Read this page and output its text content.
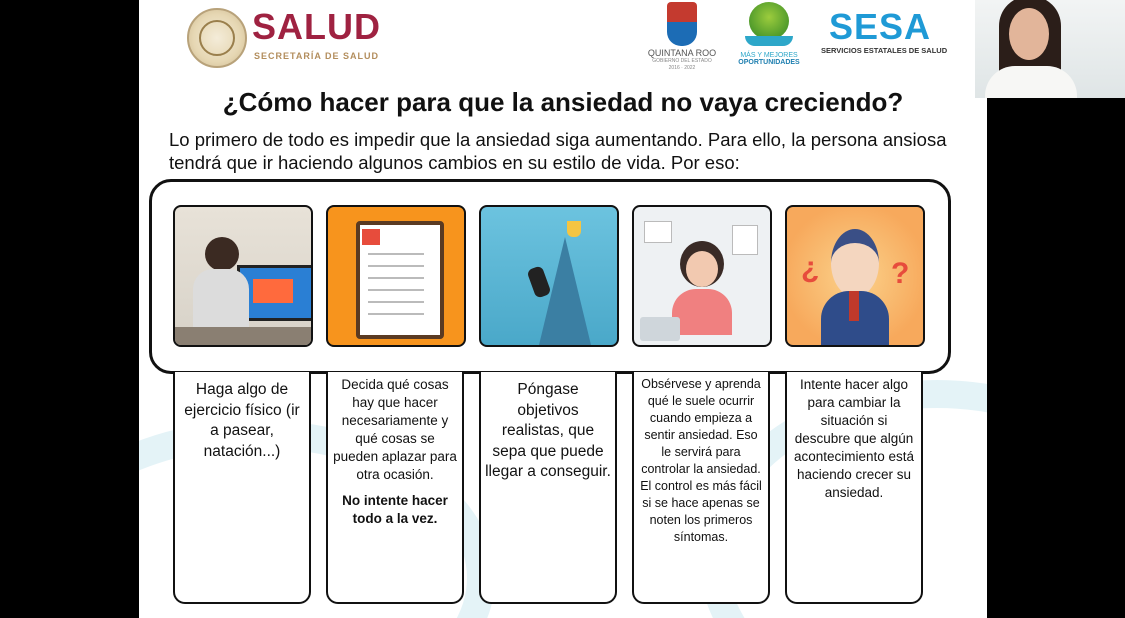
SALUD
SECRETARÍA DE SALUD	QUINTANA ROO
GOBIERNO DEL ESTADO
2016 · 2022
MÁS Y MEJORES
OPORTUNIDADES
SESA
SERVICIOS ESTATALES DE SALUD
¿Cómo hacer para que la ansiedad no vaya creciendo?
Lo primero de todo es impedir que la ansiedad siga aumentando. Para ello, la persona ansiosa tendrá que ir haciendo algunos cambios en su estilo de vida. Por eso:
Haga algo de ejercicio físico (ir a pasear, natación...)
Decida qué cosas hay que hacer necesariamente y qué cosas se pueden aplazar para otra ocasión.
No intente hacer todo a la vez.
Póngase objetivos realistas, que sepa que puede llegar a conseguir.
Obsérvese y aprenda qué le suele ocurrir cuando empieza a sentir ansiedad. Eso le servirá para controlar la ansiedad. El control es más fácil si se hace apenas se noten los primeros síntomas.
¿ ?
Intente hacer algo para cambiar la situación si descubre que algún acontecimiento está haciendo crecer su ansiedad.
